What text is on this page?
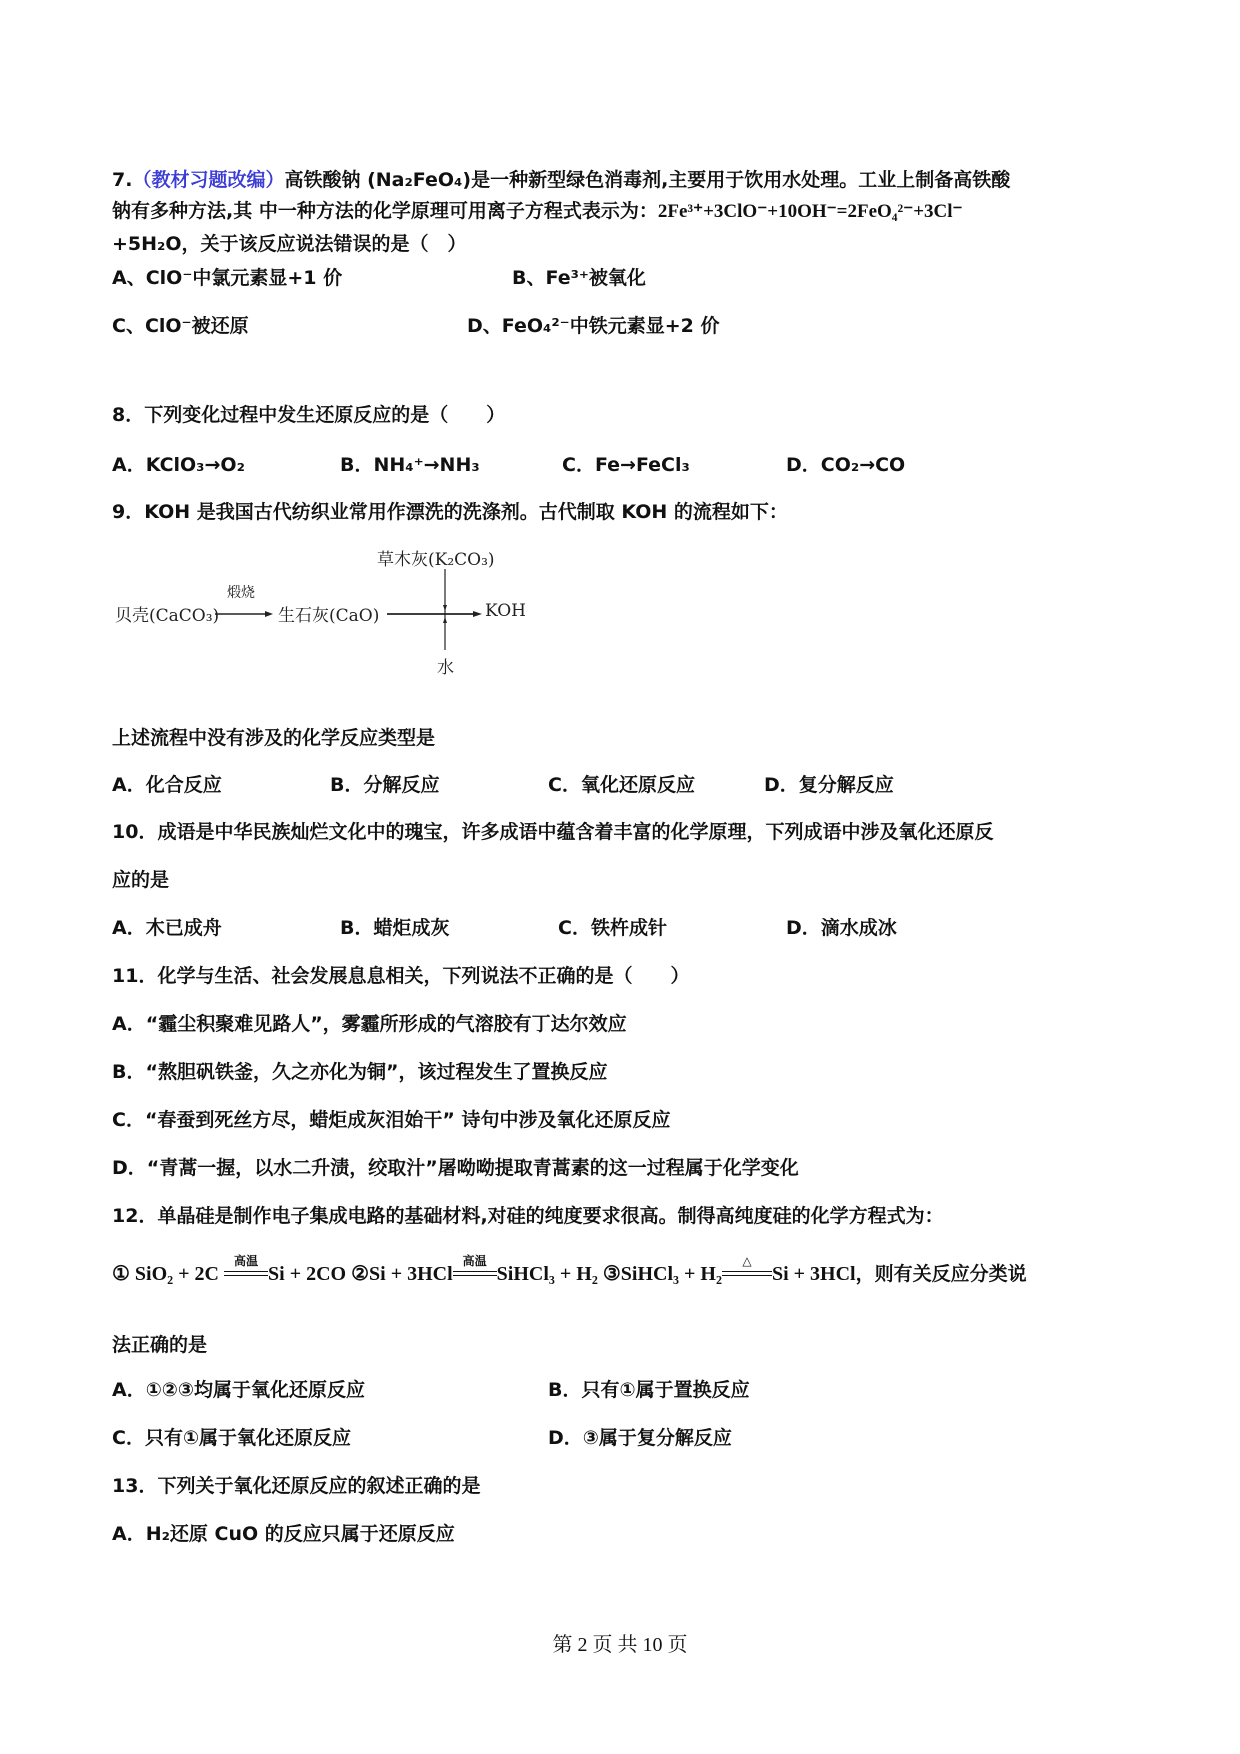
7.（教材习题改编）高铁酸钠 (Na₂FeO₄)是一种新型绿色消毒剂,主要用于饮用水处理。工业上制备高铁酸
钠有多种方法,其 中一种方法的化学原理可用离子方程式表示为：2Fe³⁺+3ClO⁻+10OH⁻=2FeO₄²⁻+3Cl⁻
+5H₂O，关于该反应说法错误的是（　）
A、ClO⁻中氯元素显+1 价	B、Fe³⁺被氧化
C、ClO⁻被还原	D、FeO₄²⁻中铁元素显+2 价
8．下列变化过程中发生还原反应的是（　　）
A．KClO₃→O₂	B．NH₄⁺→NH₃	C．Fe→FeCl₃	D．CO₂→CO
9．KOH 是我国古代纺织业常用作漂洗的洗涤剂。古代制取 KOH 的流程如下：
草木灰(K₂CO₃)
贝壳(CaCO₃)
煅烧
生石灰(CaO)	KOH
水
上述流程中没有涉及的化学反应类型是
A．化合反应	B．分解反应	C．氧化还原反应	D．复分解反应
10．成语是中华民族灿烂文化中的瑰宝，许多成语中蕴含着丰富的化学原理，下列成语中涉及氧化还原反
应的是
A．木已成舟	B．蜡炬成灰	C．铁杵成针	D．滴水成冰
11．化学与生活、社会发展息息相关，下列说法不正确的是（　　）
A．“霾尘积聚难见路人”，雾霾所形成的气溶胶有丁达尔效应
B．“熬胆矾铁釜，久之亦化为铜”，该过程发生了置换反应
C．“春蚕到死丝方尽，蜡炬成灰泪始干” 诗句中涉及氧化还原反应
D．“青蒿一握，以水二升渍，绞取汁”屠呦呦提取青蒿素的这一过程属于化学变化
12．单晶硅是制作电子集成电路的基础材料,对硅的纯度要求很高。制得高纯度硅的化学方程式为：
① SiO₂ + 2C
高温
Si + 2CO ②Si + 3HCl
高温
SiHCl₃ + H₂ ③SiHCl₃ + H₂
△
Si + 3HCl，则有关反应分类说
法正确的是
A．①②③均属于氧化还原反应	B．只有①属于置换反应
C．只有①属于氧化还原反应	D．③属于复分解反应
13．下列关于氧化还原反应的叙述正确的是
A．H₂还原 CuO 的反应只属于还原反应
第 2 页 共 10 页
